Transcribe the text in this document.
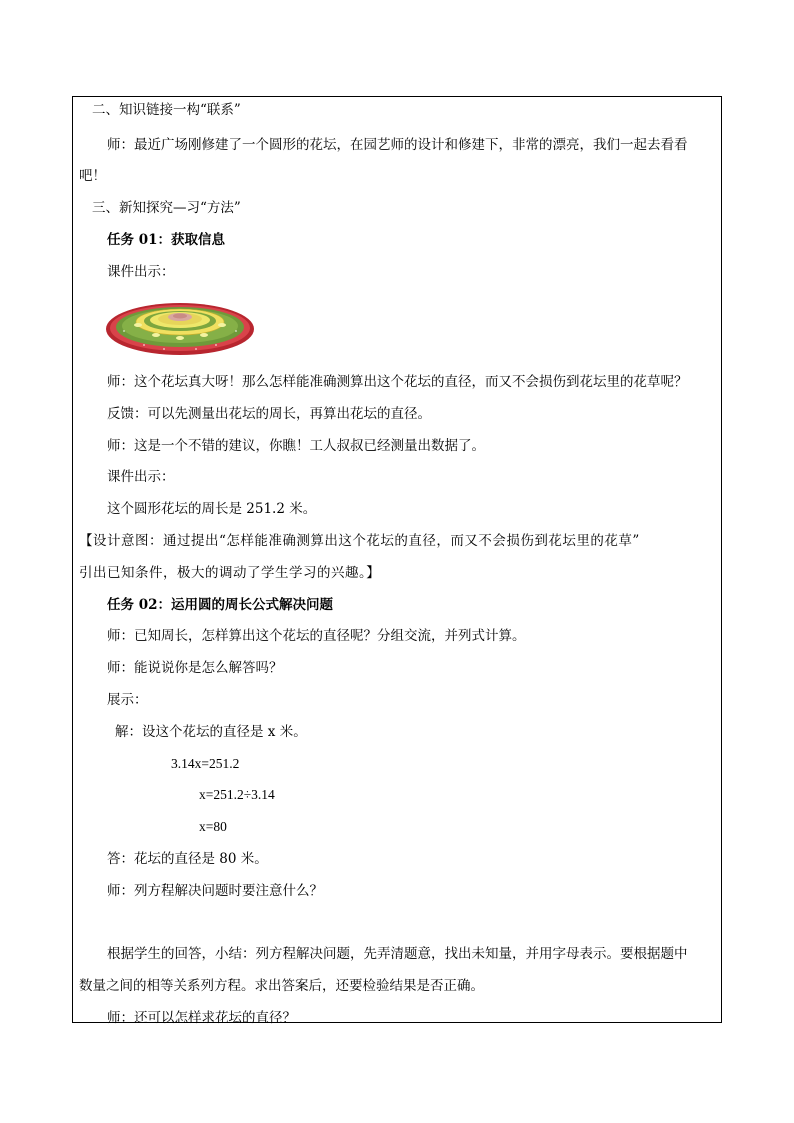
二、知识链接一构“联系”
师：最近广场刚修建了一个圆形的花坛，在园艺师的设计和修建下，非常的漂亮，我们一起去看看
吧！
三、新知探究—习“方法”
任务 01：获取信息
课件出示：
师：这个花坛真大呀！那么怎样能准确测算出这个花坛的直径，而又不会损伤到花坛里的花草呢？
反馈：可以先测量出花坛的周长，再算出花坛的直径。
师：这是一个不错的建议，你瞧！工人叔叔已经测量出数据了。
课件出示：
这个圆形花坛的周长是 251.2 米。
【设计意图：通过提出“怎样能准确测算出这个花坛的直径，而又不会损伤到花坛里的花草”
引出已知条件，极大的调动了学生学习的兴趣。】
任务 02：运用圆的周长公式解决问题
师：已知周长，怎样算出这个花坛的直径呢？分组交流，并列式计算。
师：能说说你是怎么解答吗？
展示：
解：设这个花坛的直径是 x 米。
3.14x=251.2
x=251.2÷3.14
x=80
答：花坛的直径是 80 米。
师：列方程解决问题时要注意什么？
根据学生的回答，小结：列方程解决问题，先弄清题意，找出未知量，并用字母表示。要根据题中
数量之间的相等关系列方程。求出答案后，还要检验结果是否正确。
师：还可以怎样求花坛的直径？
